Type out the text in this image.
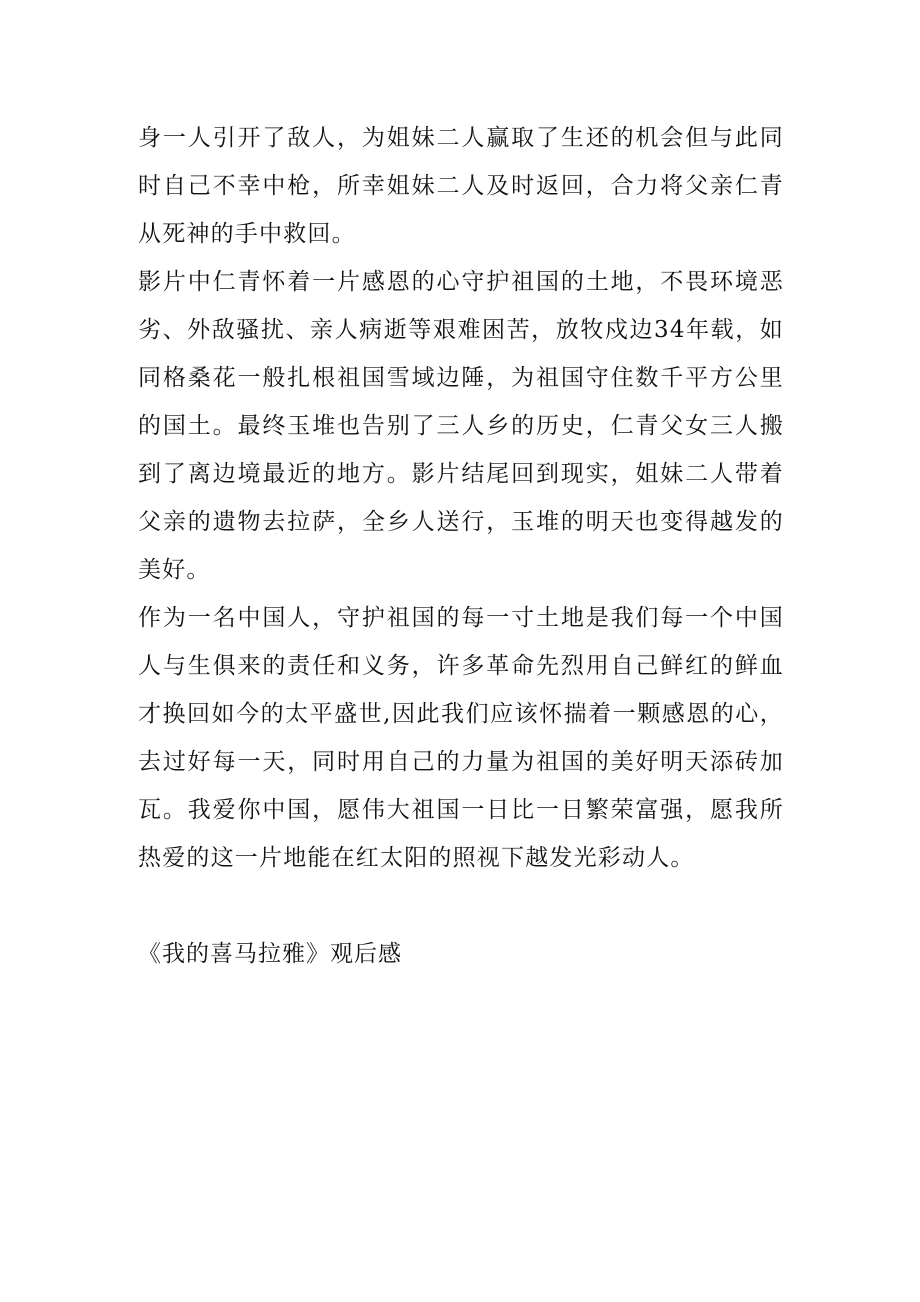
身一人引开了敌人，为姐妹二人赢取了生还的机会但与此同时自己不幸中枪，所幸姐妹二人及时返回，合力将父亲仁青从死神的手中救回。

影片中仁青怀着一片感恩的心守护祖国的土地，不畏环境恶劣、外敌骚扰、亲人病逝等艰难困苦，放牧戍边34年载，如同格桑花一般扎根祖国雪域边陲，为祖国守住数千平方公里的国土。最终玉堆也告别了三人乡的历史，仁青父女三人搬到了离边境最近的地方。影片结尾回到现实，姐妹二人带着父亲的遗物去拉萨，全乡人送行，玉堆的明天也变得越发的美好。

作为一名中国人，守护祖国的每一寸土地是我们每一个中国人与生俱来的责任和义务，许多革命先烈用自己鲜红的鲜血才换回如今的太平盛世,因此我们应该怀揣着一颗感恩的心，去过好每一天，同时用自己的力量为祖国的美好明天添砖加瓦。我爱你中国，愿伟大祖国一日比一日繁荣富强，愿我所热爱的这一片地能在红太阳的照视下越发光彩动人。

《我的喜马拉雅》观后感
